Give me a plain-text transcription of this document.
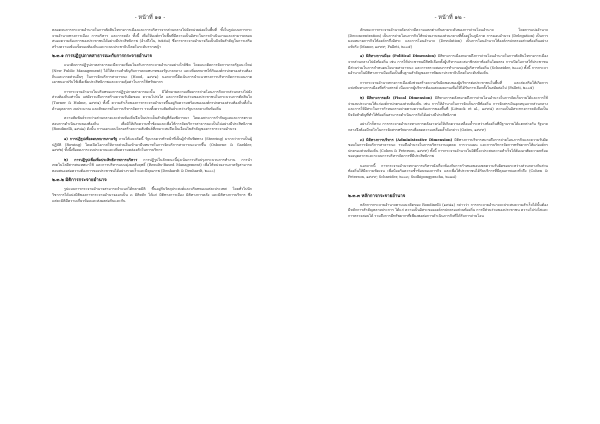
- หน้าที่ ๑๑ -

ตลอดจนการกระจายอำนาจในการตัดสินใจทางการเมืองและการบริหารจากส่วนกลางไปยังหน่วยย่อยในพื้นที่ ทั้งในรูปแบบการกระจายอำนาจทางการเมือง การบริหาร และการคลัง ทั้งนี้ เพื่อให้องค์กรในพื้นที่มีความเป็นอิสระในการดำเนินงานและสามารถตอบสนองความต้องการของประชาชนได้อย่างมีประสิทธิภาพ (อ้างถึงใน, ๒๕๕๘) ซึ่งการกระจายอำนาจถือเป็นปัจจัยสำคัญในการเสริมสร้างความเข้มแข็งของท้องถิ่นและระบบประชาธิปไตยในระดับรากหญ้า

๒.๓.๑ การปฏิรูปภาคสาธารณะกับการกระจายอำนาจ

แนวคิดการปฏิรูปภาคสาธารณะมีความเชื่อมโยงกับการกระจายอำนาจอย่างใกล้ชิด โดยแนวคิดการจัดการภาครัฐแนวใหม่ (New Public Management) ได้ให้ความสำคัญกับการลดบทบาทของรัฐบาลกลาง และเพิ่มบทบาทให้กับองค์กรปกครองส่วนท้องถิ่นและภาคส่วนอื่นๆ ในการจัดบริการสาธารณะ (Hood, ๑๙๙๑) นอกจากนี้ยังเน้นการนำแนวทางการบริหารจัดการแบบภาคเอกชนมาปรับใช้เพื่อเพิ่มประสิทธิภาพและความคุ้มค่าในการใช้ทรัพยากร

การกระจายอำนาจในบริบทของการปฏิรูปภาคสาธารณะนั้น มิได้หมายความเพียงการถ่ายโอนภารกิจจากส่วนกลางไปยังส่วนท้องถิ่นเท่านั้น แต่ยังรวมถึงการสร้างความรับผิดชอบ ความโปร่งใส และการมีส่วนร่วมของประชาชนในกระบวนการตัดสินใจ (Turner & Hulme, ๑๙๙๗) ทั้งนี้ ความสำเร็จของการกระจายอำนาจขึ้นอยู่กับความพร้อมขององค์กรปกครองส่วนท้องถิ่นทั้งในด้านบุคลากร งบประมาณ และศักยภาพในการบริหารจัดการ รวมทั้งความสัมพันธ์ระหว่างรัฐบาลกลางกับท้องถิ่น

ความสัมพันธ์ระหว่างส่วนกลางและส่วนท้องถิ่นจึงเป็นประเด็นสำคัญที่ต้องพิจารณา โดยเฉพาะการกำกับดูแลและการตรวจสอบการดำเนินงานของท้องถิ่น เพื่อมิให้เกิดความซ้ำซ้อนและเพื่อให้การจัดบริการสาธารณะเป็นไปอย่างมีประสิทธิภาพ (Rondinelli, ๑๙๘๑) ดังนั้น การออกแบบโครงสร้างความสัมพันธ์ที่เหมาะสมจึงเป็นเงื่อนไขสำคัญของการกระจายอำนาจ

๑) การปฏิรูปเพื่อลดบทบาทภาครัฐ ภายใต้แนวคิดนี้ รัฐบาลควรทำหน้าที่เป็นผู้กำกับทิศทาง (Steering) มากกว่าการเป็นผู้ปฏิบัติ (Rowing) โดยเปิดโอกาสให้ภาคส่วนอื่นเข้ามามีบทบาทในการจัดบริการสาธารณะมากขึ้น (Osborne & Gaebler, ๑๙๙๒) ทั้งนี้เพื่อลดภาระงบประมาณและเพิ่มความคล่องตัวในการบริหาร

๒) การปฏิรูปเพื่อเพิ่มประสิทธิภาพการบริหาร การปฏิรูปในลักษณะนี้มุ่งเน้นการปรับปรุงกระบวนการทำงาน การนำเทคโนโลยีสารสนเทศมาใช้ และการบริหารแบบมุ่งผลสัมฤทธิ์ (Results-Based Management) เพื่อให้หน่วยงานภาครัฐสามารถตอบสนองต่อความต้องการของประชาชนได้อย่างรวดเร็วและมีคุณภาพ (Denhardt & Denhardt, ๒๐๐๐)

๒.๓.๒ มิติการกระจายอำนาจ

รูปแบบการกระจายอำนาจสามารถจำแนกได้หลายมิติ ขึ้นอยู่กับวัตถุประสงค์และบริบทของแต่ละประเทศ โดยทั่วไปนักวิชาการได้แบ่งมิติของการกระจายอำนาจออกเป็น ๓ มิติหลัก ได้แก่ มิติทางการเมือง มิติทางการคลัง และมิติทางการบริหาร ซึ่งแต่ละมิติมีความเกี่ยวข้องและส่งผลต่อกันและกัน

- หน้าที่ ๑๒ -

ลักษณะการกระจายอำนาจดังกล่าวมีความแตกต่างกันตามระดับของการถ่ายโอนอำนาจ โดยการแบ่งอำนาจ (Deconcentration) เป็นการถ่ายโอนภารกิจให้หน่วยงานของส่วนกลางที่ตั้งอยู่ในภูมิภาค การมอบอำนาจ (Delegation) เป็นการมอบหมายภารกิจให้องค์กรกึ่งอิสระ และการโอนอำนาจ (Devolution) เป็นการโอนอำนาจให้องค์กรปกครองส่วนท้องถิ่นอย่างแท้จริง (Manor, ๑๙๙๙; Falleti, ๒๐๐๕)

๑) มิติทางการเมือง (Political Dimension) มิติทางการเมืองหมายถึงการถ่ายโอนอำนาจในการตัดสินใจทางการเมืองจากส่วนกลางไปยังท้องถิ่น เช่น การให้ประชาชนมีสิทธิเลือกตั้งผู้บริหารและสมาชิกสภาท้องถิ่นโดยตรง การเปิดโอกาสให้ประชาชนมีส่วนร่วมในการกำหนดนโยบายสาธารณะ และการตรวจสอบการทำงานของผู้บริหารท้องถิ่น (Schneider, ๒๐๐๓) ทั้งนี้ การกระจายอำนาจในมิติทางการเมืองถือเป็นพื้นฐานสำคัญของการพัฒนาประชาธิปไตยในระดับท้องถิ่น

การกระจายอำนาจทางการเมืองยังช่วยสร้างความรับผิดชอบของผู้บริหารต่อประชาชนในพื้นที่ และส่งเสริมให้เกิดการแข่งขันทางการเมืองที่สร้างสรรค์ เนื่องจากผู้บริหารต้องแสดงผลงานเพื่อให้ได้รับการเลือกตั้งในสมัยต่อไป (Falleti, ๒๐๐๕)

๒) มิติทางการคลัง (Fiscal Dimension) มิติทางการคลังหมายถึงการถ่ายโอนอำนาจในการจัดเก็บรายได้และการใช้จ่ายงบประมาณให้แก่องค์กรปกครองส่วนท้องถิ่น เช่น การให้อำนาจในการจัดเก็บภาษีท้องถิ่น การจัดสรรเงินอุดหนุนจากส่วนกลาง และการให้อิสระในการกำหนดรายจ่ายตามความต้องการของพื้นที่ (Litvack et al., ๑๙๙๘) ความเป็นอิสระทางการคลังถือเป็นปัจจัยสำคัญที่ทำให้ท้องถิ่นสามารถดำเนินภารกิจได้อย่างมีประสิทธิภาพ

อย่างไรก็ตาม การกระจายอำนาจทางการคลังอาจก่อให้เกิดความเหลื่อมล้ำระหว่างท้องถิ่นที่มีฐานรายได้แตกต่างกัน รัฐบาลกลางจึงต้องมีกลไกในการจัดสรรทรัพยากรเพื่อลดความเหลื่อมล้ำดังกล่าว (Oates, ๑๙๙๙)

๓) มิติทางการบริหาร (Administrative Dimension) มิติทางการบริหารหมายถึงการถ่ายโอนภารกิจและความรับผิดชอบในการจัดบริการสาธารณะ รวมถึงอำนาจในการบริหารงานบุคคล การวางแผน และการบริหารจัดการทรัพยากรให้แก่องค์กรปกครองส่วนท้องถิ่น (Cohen & Peterson, ๑๙๙๙) ทั้งนี้ การกระจายอำนาจในมิตินี้จะประสบความสำเร็จได้ต้องอาศัยความพร้อมของบุคลากรและระบบการบริหารจัดการที่มีประสิทธิภาพ

นอกจากนี้ การกระจายอำนาจทางการบริหารยังเกี่ยวข้องกับการกำหนดขอบเขตความรับผิดชอบระหว่างส่วนกลางกับส่วนท้องถิ่นให้มีความชัดเจน เพื่อป้องกันความซ้ำซ้อนของภารกิจ และเพื่อให้ประชาชนได้รับบริการที่มีคุณภาพและทั่วถึง (Cohen & Peterson, ๑๙๙๙; Schneider, ๒๐๐๓; Sudhipongpracha, ๒๐๑๘)

๒.๓.๓ หลักการกระจายอำนาจ

หลักการกระจายอำนาจตามแนวคิดของ Rondinelli (๑๙๘๑) กล่าวว่า การกระจายอำนาจจะประสบความสำเร็จได้นั้นต้องมีหลักการสำคัญหลายประการ ได้แก่ ความเป็นอิสระขององค์กรปกครองส่วนท้องถิ่น การมีส่วนร่วมของประชาชน ความโปร่งใสและการตรวจสอบได้ รวมถึงการมีทรัพยากรที่เพียงพอต่อการดำเนินภารกิจที่ได้รับการถ่ายโอน
